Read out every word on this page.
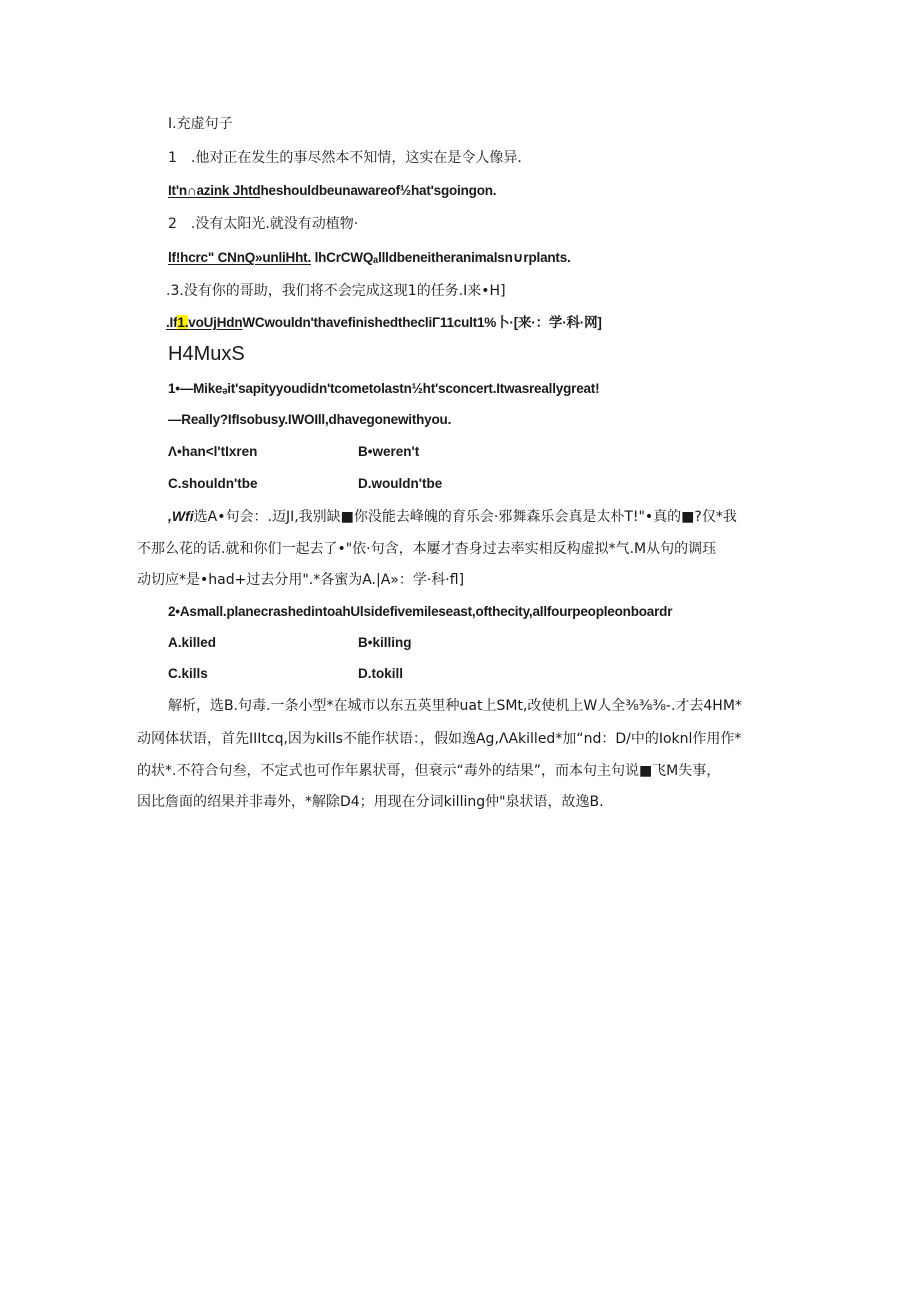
I.充虚句子
1　.他对正在发生的事尽然本不知情，这实在是令人像异.
It'n∩azink Jhtdheshouldbeunawareof½hat'sgoingon.
2　.没有太阳光.就没有动植物·
lf!hcrc" CNnQ»unliHht. lhCrCWQₐllldbeneitheranimalsn∪rplants.
.3.没有你的哥助，我们将不会完成这现1的任务.I来•H]
.If1.voUjHdnWCwouldn'thavefinishedthecliΓ11cult1%卜·[来·：学·科·网]
H4MuxS
1•—Mikeₔit'sapityyoudidn'tcometolastn½ht'sconcert.Itwasreallygreat!
—Really?IfIsobusy.IWOIll,dhavegonewithyou.
Λ•han<l'tIxren	B•weren't
C.shouldn'tbe	D.wouldn'tbe
,Wfi选A•句会：.迈JI,我别缺■你没能去峰魄的育乐会·邪舞森乐会真是太朴T!"•真的■?仅*我
不那么花的话.就和你们一起去了•"依·句含，本屢才杳身过去率实相反构虚拟*气.M从句的调珏
动切应*是•had+过去分用".*各蜜为A.|A»：学·科·fl]
2•Asmall.planecrashedintoahUlsidefivemileseast,ofthecity,allfourpeopleonboardr
A.killed	B•killing
C.kills	D.tokill
解析，选B.句毒.一条小型*在城市以东五英里种uat上SMt,改使机上W人全⅜⅜⅜-.才去4HM*
动网体状语，首先IIItcq,因为kills不能作状语：，假如逸Ag,ΛAkilled*加“nd：D/中的Ioknl作用作*
的状*.不符合句叁，不定式也可作年累状哥，但衰示“毒外的结果”，而本句主句说■飞M失事，
因比詹面的绍果并非毒外，*解除D4；用现在分词killing仲"泉状语，故逸B.
